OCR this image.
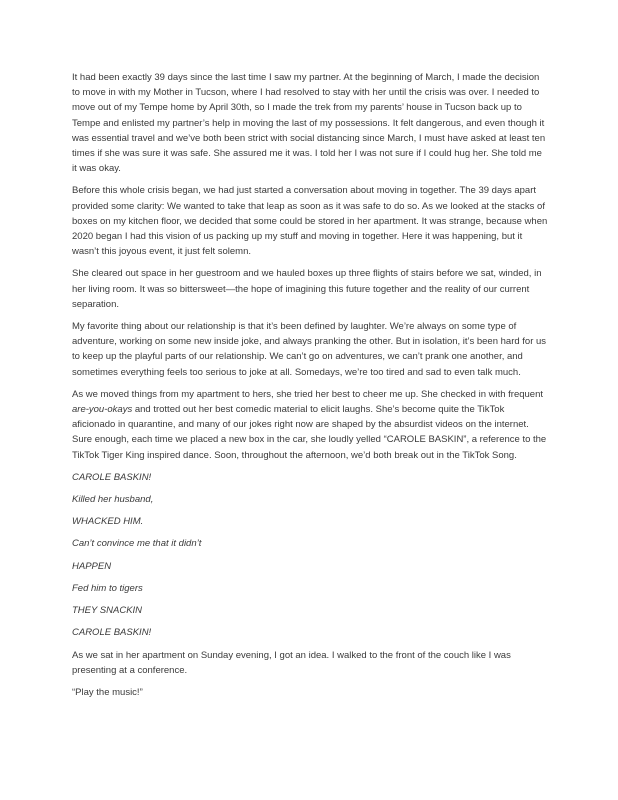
It had been exactly 39 days since the last time I saw my partner. At the beginning of March, I made the decision to move in with my Mother in Tucson, where I had resolved to stay with her until the crisis was over. I needed to move out of my Tempe home by April 30th, so I made the trek from my parents’ house in Tucson back up to Tempe and enlisted my partner’s help in moving the last of my possessions. It felt dangerous, and even though it was essential travel and we’ve both been strict with social distancing since March, I must have asked at least ten times if she was sure it was safe. She assured me it was. I told her I was not sure if I could hug her. She told me it was okay.

Before this whole crisis began, we had just started a conversation about moving in together. The 39 days apart provided some clarity: We wanted to take that leap as soon as it was safe to do so. As we looked at the stacks of boxes on my kitchen floor, we decided that some could be stored in her apartment. It was strange, because when 2020 began I had this vision of us packing up my stuff and moving in together. Here it was happening, but it wasn’t this joyous event, it just felt solemn.

She cleared out space in her guestroom and we hauled boxes up three flights of stairs before we sat, winded, in her living room. It was so bittersweet—the hope of imagining this future together and the reality of our current separation.

My favorite thing about our relationship is that it’s been defined by laughter. We’re always on some type of adventure, working on some new inside joke, and always pranking the other. But in isolation, it’s been hard for us to keep up the playful parts of our relationship. We can’t go on adventures, we can’t prank one another, and sometimes everything feels too serious to joke at all. Somedays, we’re too tired and sad to even talk much.

As we moved things from my apartment to hers, she tried her best to cheer me up. She checked in with frequent are-you-okays and trotted out her best comedic material to elicit laughs. She’s become quite the TikTok aficionado in quarantine, and many of our jokes right now are shaped by the absurdist videos on the internet. Sure enough, each time we placed a new box in the car, she loudly yelled “CAROLE BASKIN”, a reference to the TikTok Tiger King inspired dance. Soon, throughout the afternoon, we’d both break out in the TikTok Song.

CAROLE BASKIN!

Killed her husband,

WHACKED HIM.

Can’t convince me that it didn’t

HAPPEN

Fed him to tigers

THEY SNACKIN

CAROLE BASKIN!

As we sat in her apartment on Sunday evening, I got an idea. I walked to the front of the couch like I was presenting at a conference.

“Play the music!”
